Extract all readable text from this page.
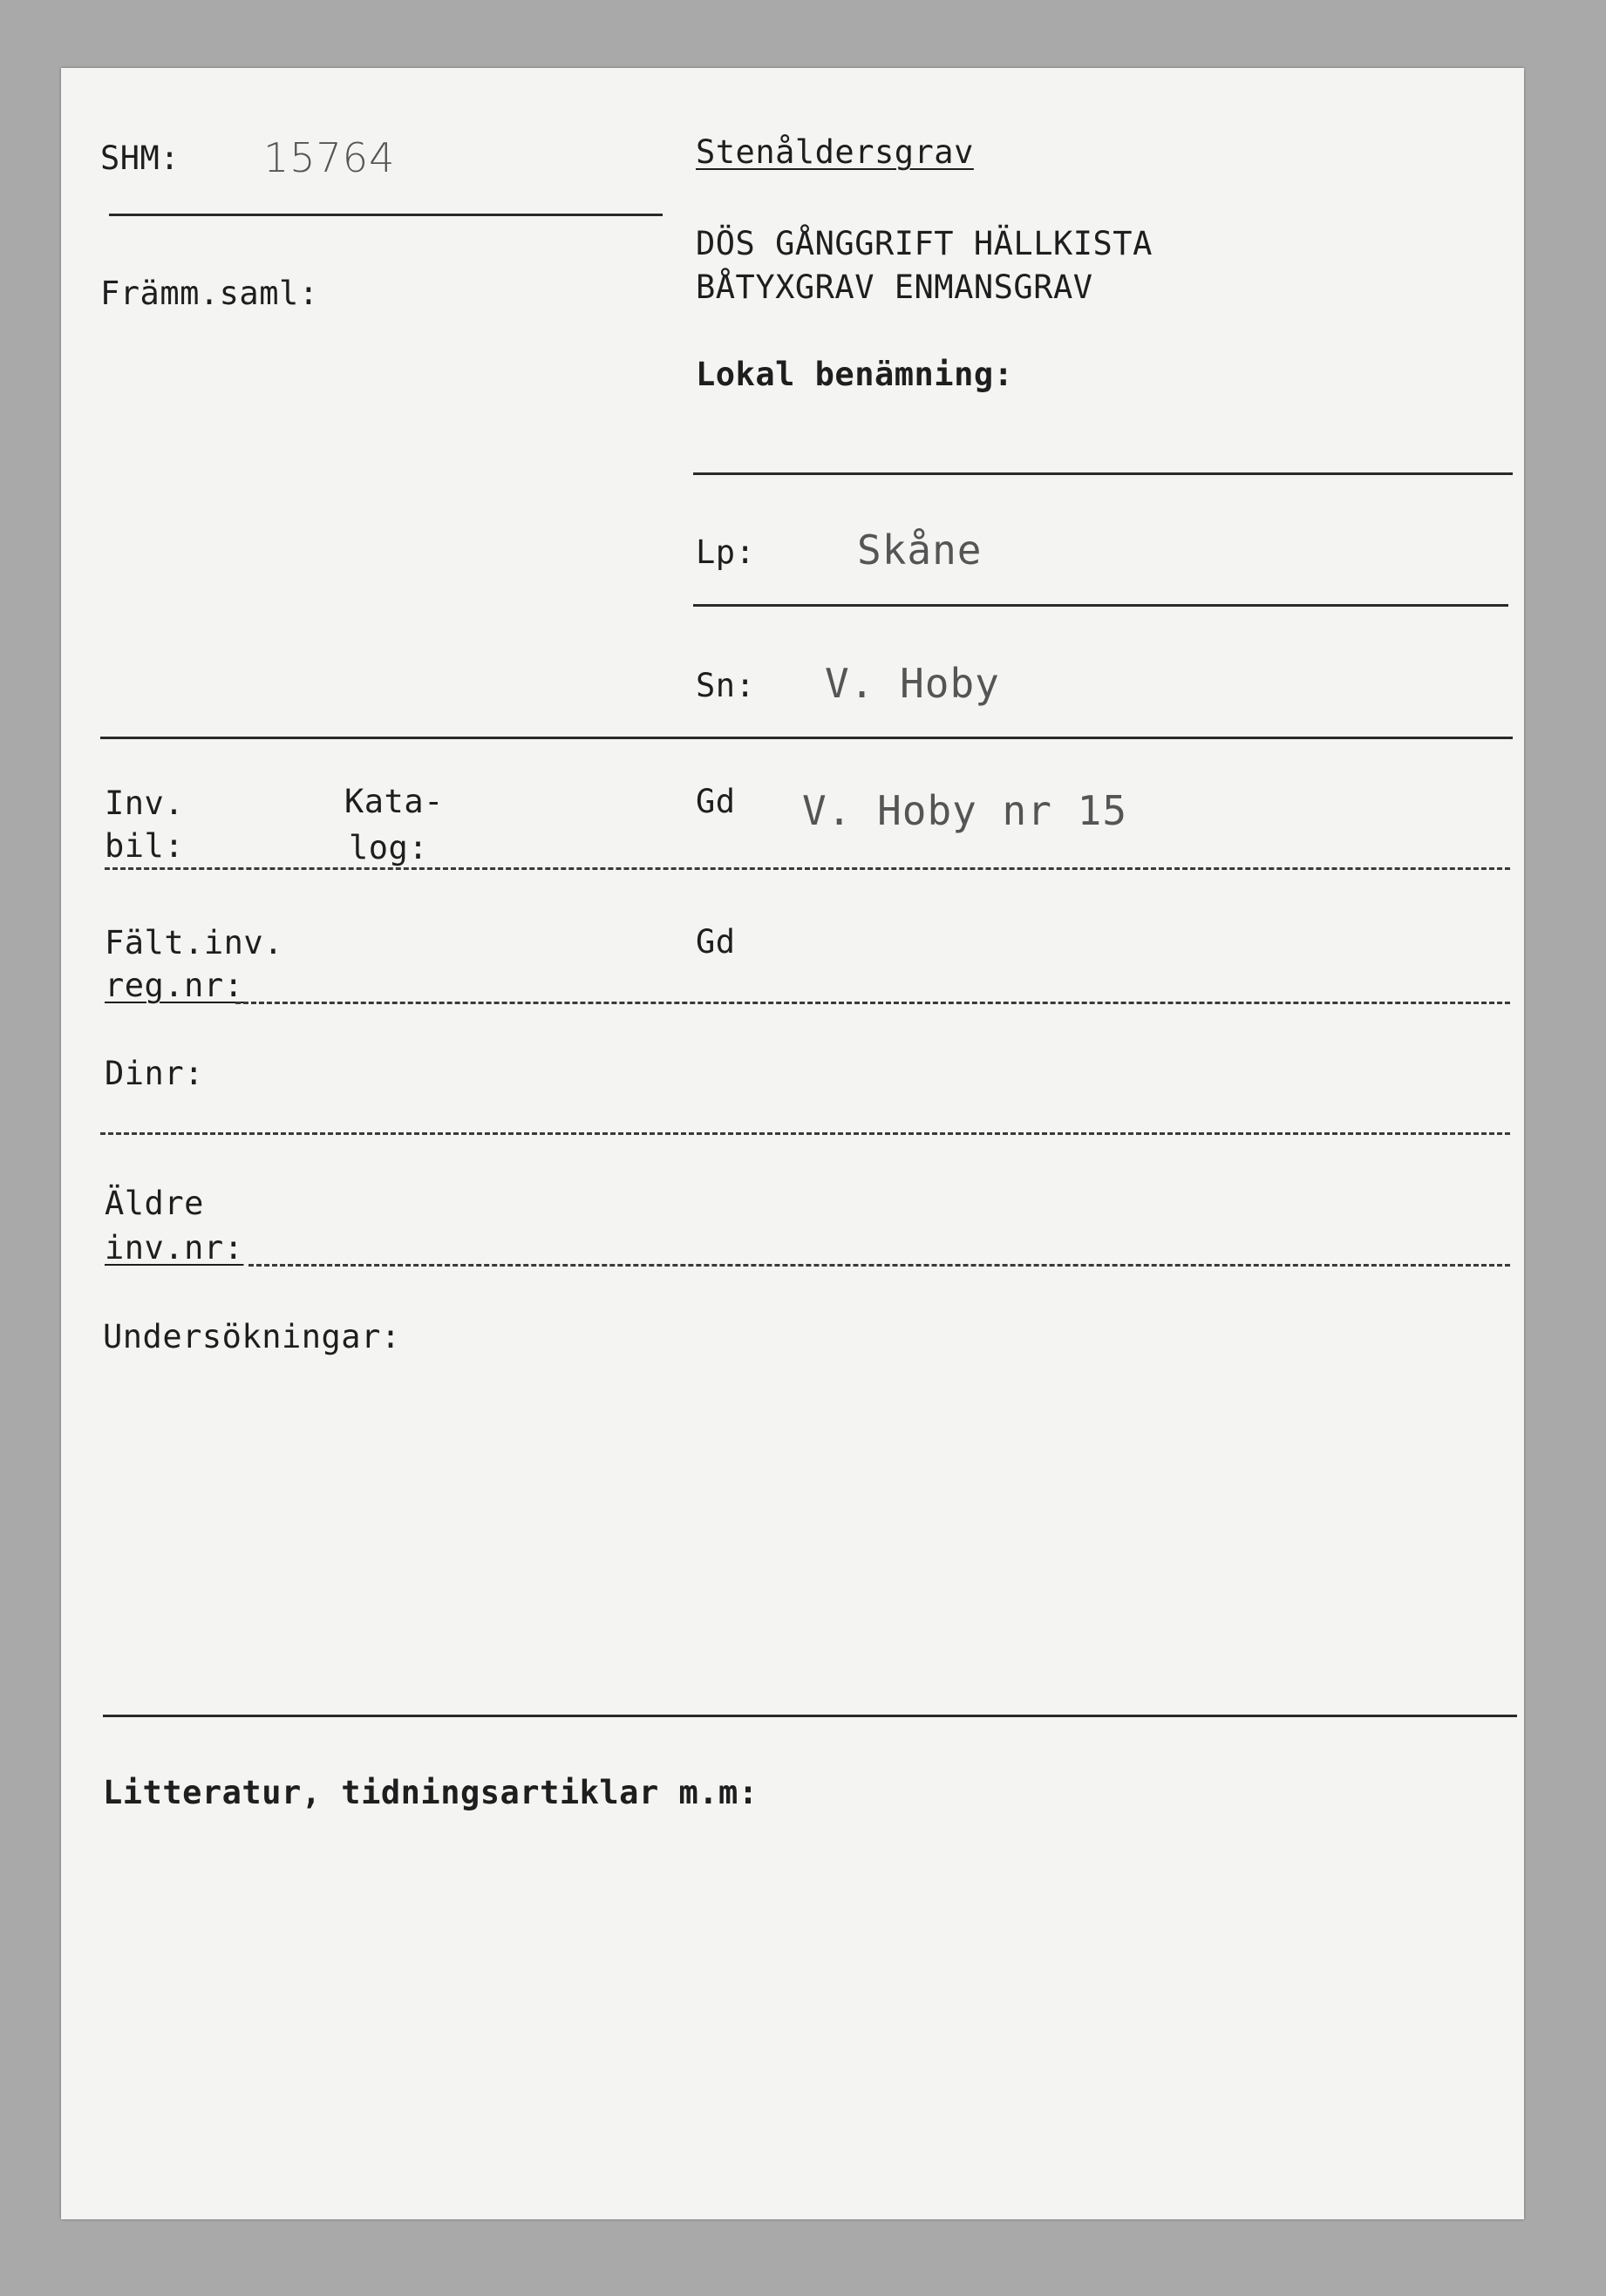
SHM: 15764
Främm.saml:
Stenåldersgrav
DÖS GÅNGGRIFT HÄLLKISTA
BÅTYXGRAV ENMANSGRAV
Lokal benämning:
Lp:	Skåne
Sn: V. Hoby
Inv.
bil:
Kata-
log:
Gd V. Hoby nr 15
Fält.inv.
reg.nr:
Gd
Dinr:
Äldre
inv.nr:
Undersökningar:
Litteratur, tidningsartiklar m.m:
